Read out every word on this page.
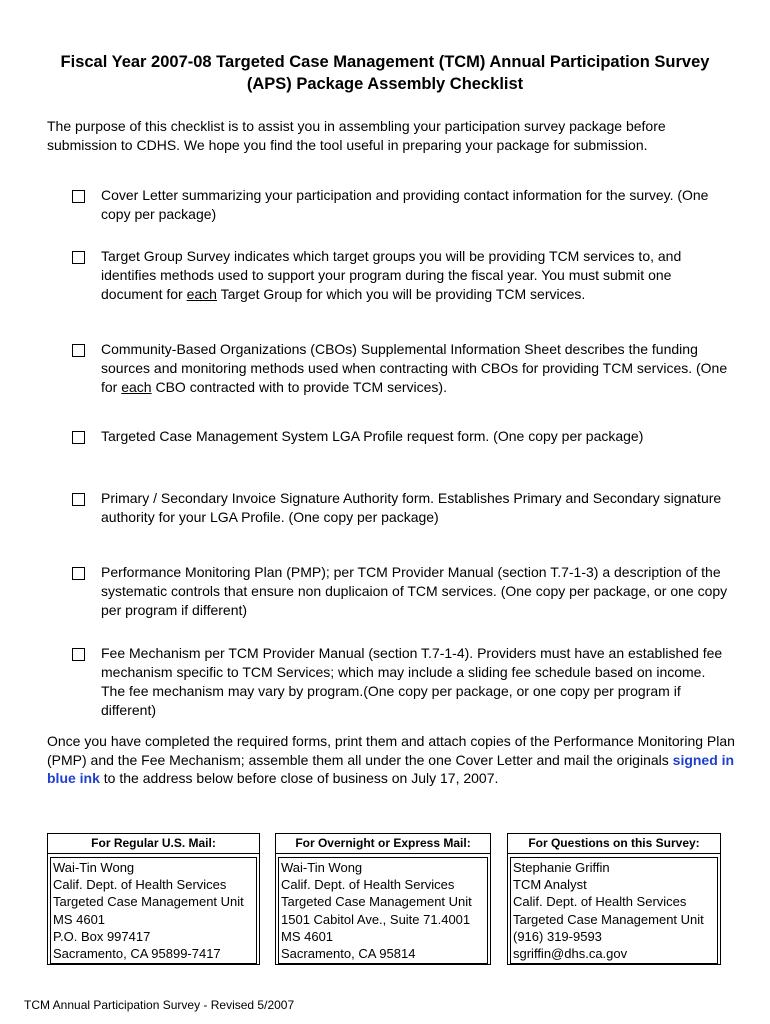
Fiscal Year 2007-08 Targeted Case Management (TCM) Annual Participation Survey
(APS) Package Assembly Checklist
The purpose of this checklist is to assist you in assembling your participation survey package before submission to CDHS. We hope you find the tool useful in preparing your package for submission.
Cover Letter summarizing your participation and providing contact information for the survey. (One copy per package)
Target Group Survey indicates which target groups you will be providing TCM services to, and identifies methods used to support your program during the fiscal year. You must submit one document for each Target Group for which you will be providing TCM services.
Community-Based Organizations (CBOs) Supplemental Information Sheet describes the funding sources and monitoring methods used when contracting with CBOs for providing TCM services. (One for each CBO contracted with to provide TCM services).
Targeted Case Management System LGA Profile request form. (One copy per package)
Primary / Secondary Invoice Signature Authority form. Establishes Primary and Secondary signature authority for your LGA Profile. (One copy per package)
Performance Monitoring Plan (PMP); per TCM Provider Manual (section T.7-1-3) a description of the systematic controls that ensure non duplicaion of TCM services. (One copy per package, or one copy per program if different)
Fee Mechanism per TCM Provider Manual (section T.7-1-4). Providers must have an established fee mechanism specific to TCM Services; which may include a sliding fee schedule based on income. The fee mechanism may vary by program.(One copy per package, or one copy per program if different)
Once you have completed the required forms, print them and attach copies of the Performance Monitoring Plan (PMP) and the Fee Mechanism; assemble them all under the one Cover Letter and mail the originals signed in blue ink to the address below before close of business on July 17, 2007.
For Regular U.S. Mail:
Wai-Tin Wong
Calif. Dept. of Health Services
Targeted Case Management Unit
MS 4601
P.O. Box 997417
Sacramento, CA 95899-7417
For Overnight or Express Mail:
Wai-Tin Wong
Calif. Dept. of Health Services
Targeted Case Management Unit
1501 Cabitol Ave., Suite 71.4001
MS 4601
Sacramento, CA 95814
For Questions on this Survey:
Stephanie Griffin
TCM Analyst
Calif. Dept. of Health Services
Targeted Case Management Unit
(916) 319-9593
sgriffin@dhs.ca.gov
TCM Annual Participation Survey - Revised 5/2007
